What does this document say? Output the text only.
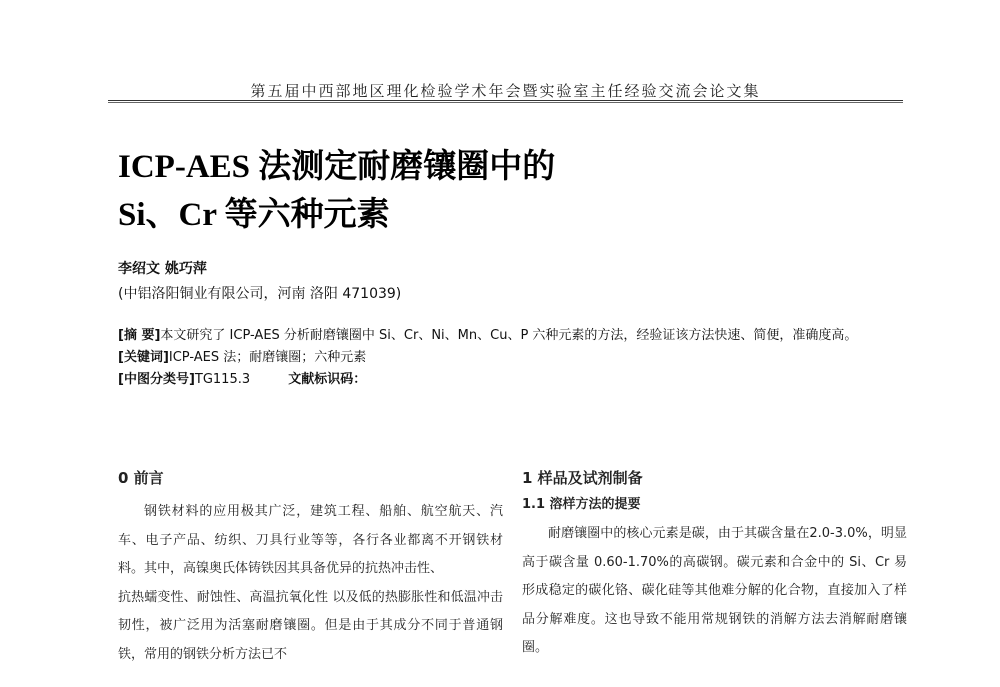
第五届中西部地区理化检验学术年会暨实验室主任经验交流会论文集
ICP-AES 法测定耐磨镶圈中的
Si、Cr 等六种元素
李绍文 姚巧萍
(中铝洛阳铜业有限公司，河南 洛阳 471039)

[摘 要]本文研究了 ICP-AES 分析耐磨镶圈中 Si、Cr、Ni、Mn、Cu、P 六种元素的方法，经验证该方法快速、简便，准确度高。

[关键词]ICP-AES 法；耐磨镶圈；六种元素

[中图分类号]TG115.3	文献标识码：

0 前言

钢铁材料的应用极其广泛，建筑工程、船舶、航空航天、汽车、电子产品、纺织、刀具行业等等，各行各业都离不开钢铁材料。其中，高镍奥氏体铸铁因其具备优异的抗热冲击性、

抗热蠕变性、耐蚀性、高温抗氧化性 以及低的热膨胀性和低温冲击韧性，被广泛用为活塞耐磨镶圈。但是由于其成分不同于普通钢铁，常用的钢铁分析方法已不

1 样品及试剂制备
1.1 溶样方法的提要

耐磨镶圈中的核心元素是碳，由于其碳含量在2.0-3.0%，明显高于碳含量 0.60-1.70%的高碳钢。碳元素和合金中的 Si、Cr 易形成稳定的碳化铬、碳化硅等其他难分解的化合物，直接加入了样品分解难度。这也导致不能用常规钢铁的消解方法去消解耐磨镶圈。
